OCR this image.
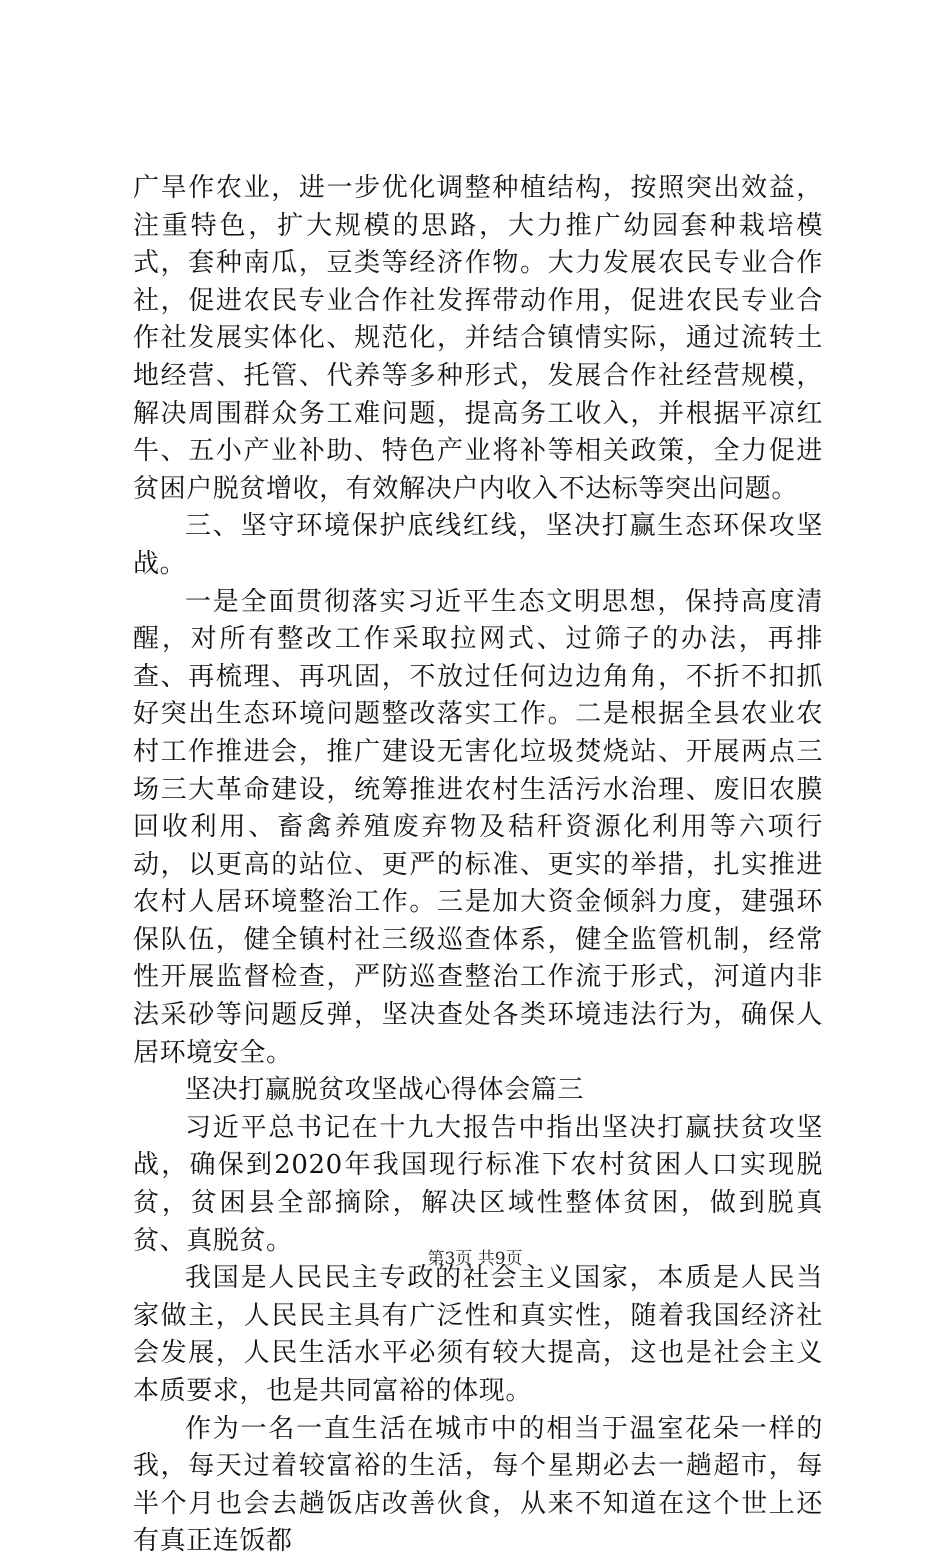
广旱作农业，进一步优化调整种植结构，按照突出效益，注重特色，扩大规模的思路，大力推广幼园套种栽培模式，套种南瓜，豆类等经济作物。大力发展农民专业合作社，促进农民专业合作社发挥带动作用，促进农民专业合作社发展实体化、规范化，并结合镇情实际，通过流转土地经营、托管、代养等多种形式，发展合作社经营规模，解决周围群众务工难问题，提高务工收入，并根据平凉红牛、五小产业补助、特色产业将补等相关政策，全力促进贫困户脱贫增收，有效解决户内收入不达标等突出问题。

三、坚守环境保护底线红线，坚决打赢生态环保攻坚战。

一是全面贯彻落实习近平生态文明思想，保持高度清醒，对所有整改工作采取拉网式、过筛子的办法，再排查、再梳理、再巩固，不放过任何边边角角，不折不扣抓好突出生态环境问题整改落实工作。二是根据全县农业农村工作推进会，推广建设无害化垃圾焚烧站、开展两点三场三大革命建设，统筹推进农村生活污水治理、废旧农膜回收利用、畜禽养殖废弃物及秸秆资源化利用等六项行动，以更高的站位、更严的标准、更实的举措，扎实推进农村人居环境整治工作。三是加大资金倾斜力度，建强环保队伍，健全镇村社三级巡查体系，健全监管机制，经常性开展监督检查，严防巡查整治工作流于形式，河道内非法采砂等问题反弹，坚决查处各类环境违法行为，确保人居环境安全。

坚决打赢脱贫攻坚战心得体会篇三

习近平总书记在十九大报告中指出坚决打赢扶贫攻坚战，确保到2020年我国现行标准下农村贫困人口实现脱贫，贫困县全部摘除，解决区域性整体贫困，做到脱真贫、真脱贫。

我国是人民民主专政的社会主义国家，本质是人民当家做主，人民民主具有广泛性和真实性，随着我国经济社会发展，人民生活水平必须有较大提高，这也是社会主义本质要求，也是共同富裕的体现。

作为一名一直生活在城市中的相当于温室花朵一样的我，每天过着较富裕的生活，每个星期必去一趟超市，每半个月也会去趟饭店改善伙食，从来不知道在这个世上还有真正连饭都

第3页 共9页
